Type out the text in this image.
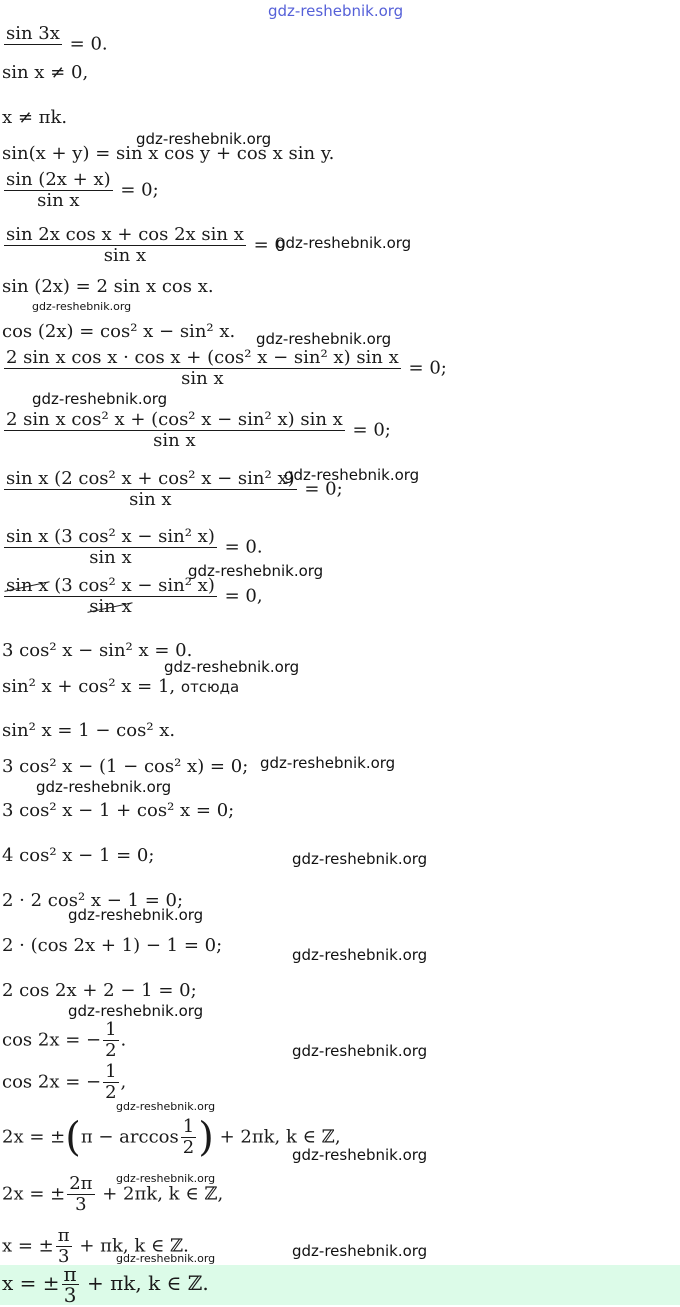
gdz-reshebnik.org
sin 3x
= 0.
sin x ≠ 0,
x ≠ πk.
sin(x + y) = sin x cos y + cos x sin y.
$\frac{\sin (2x + x)}{\text{sin x}} = 0$;
$\frac{\text{sin 2x cos x + cos 2x sin x}}{\text{sin x}} = 0$
sin (2x) = 2 sin x cos x.
cos (2x) = cos² x − sin² x.
$\frac{\text{2 sin x cos x · cos x + (cos² x − sin² x) sin x}}{\text{sin x}} = 0$;
$\frac{\text{2 sin x cos² x + (cos² x − sin² x) sin x}}{\text{sin x}} = 0$;
$\frac{\text{sin x (2 cos² x + cos² x − sin² x)}}{\text{sin x}} = 0$;
$\frac{\text{sin x (3 cos² x − sin² x)}}{\text{sin x}} = 0$.
$\frac{\text{sin x (3 cos² x − sin² x)}}{\text{sin x}} = 0$,
3 cos² x − sin² x = 0.
sin² x + cos² x = 1, отсюда
sin² x = 1 − cos² x.
3 cos² x − (1 − cos² x) = 0;
3 cos² x − 1 + cos² x = 0;
4 cos² x − 1 = 0;
2 · 2 cos² x − 1 = 0;
2 · (cos 2x + 1) − 1 = 0;
2 cos 2x + 2 − 1 = 0;
cos 2x = − $\frac{1}{2}$ .
cos 2x = − $\frac{1}{2}$ ,
$2x = \pm(\pi - \arccos \frac{1}{2}$ ) + 2πk, k ∈ ℤ,
2x = ± $\frac{2\pi}{3} + 2\pi k$, k ∈ ℤ,
x = ± $\frac{\pi}{3} + \pi k$, k ∈ ℤ.
x = ± $\frac{\pi}{3} + \pi k$, k ∈ ℤ.
gdz-reshebnik.org
gdz-reshebnik.org
gdz-reshebnik.org
gdz-reshebnik.org
gdz-reshebnik.org
gdz-reshebnik.org
gdz-reshebnik.org
gdz-reshebnik.org
gdz-reshebnik.org
gdz-reshebnik.org
gdz-reshebnik.org
gdz-reshebnik.org
gdz-reshebnik.org
gdz-reshebnik.org
gdz-reshebnik.org
gdz-reshebnik.org
gdz-reshebnik.org
gdz-reshebnik.org
gdz-reshebnik.org
gdz-reshebnik.org
